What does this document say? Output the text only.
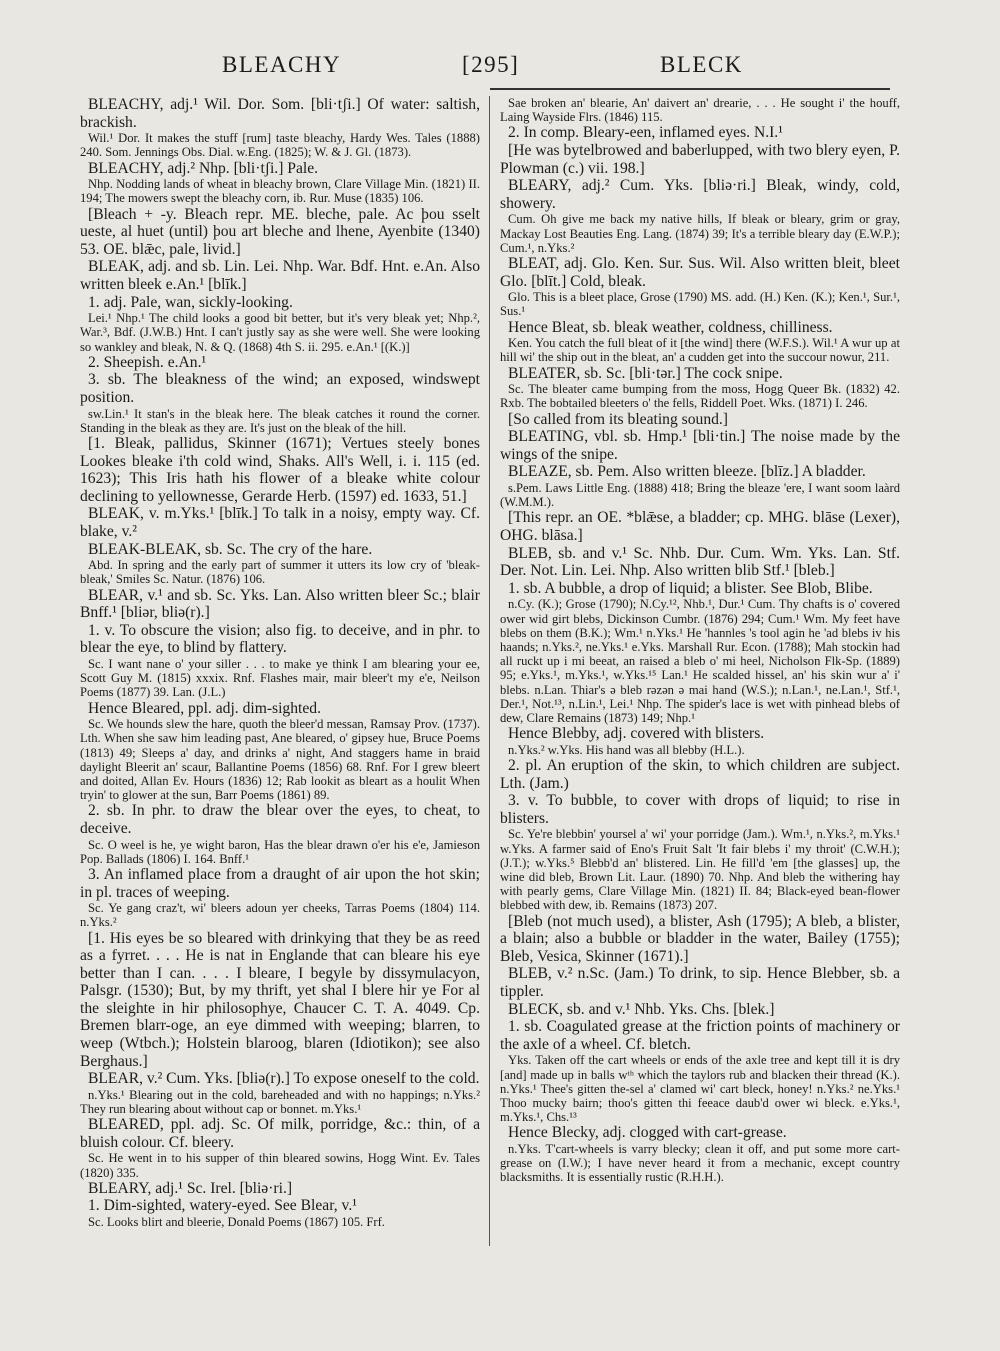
BLEACHY	[295]	BLECK

BLEACHY, adj.¹ Wil. Dor. Som. [bli·tʃi.] Of water: saltish, brackish.

Wil.¹ Dor. It makes the stuff [rum] taste bleachy, Hardy Wes. Tales (1888) 240. Som. Jennings Obs. Dial. w.Eng. (1825); W. & J. Gl. (1873).

BLEACHY, adj.² Nhp. [bli·tʃi.] Pale.

Nhp. Nodding lands of wheat in bleachy brown, Clare Village Min. (1821) II. 194; The mowers swept the bleachy corn, ib. Rur. Muse (1835) 106.

[Bleach + -y. Bleach repr. ME. bleche, pale. Ac þou sselt ueste, al huet (until) þou art bleche and lhene, Ayenbite (1340) 53. OE. blǣc, pale, livid.]

BLEAK, adj. and sb. Lin. Lei. Nhp. War. Bdf. Hnt. e.An. Also written bleek e.An.¹ [blīk.]

1. adj. Pale, wan, sickly-looking.

Lei.¹ Nhp.¹ The child looks a good bit better, but it's very bleak yet; Nhp.², War.³, Bdf. (J.W.B.) Hnt. I can't justly say as she were well. She were looking so wankley and bleak, N. & Q. (1868) 4th S. ii. 295. e.An.¹ [(K.)]

2. Sheepish. e.An.¹

3. sb. The bleakness of the wind; an exposed, windswept position.

sw.Lin.¹ It stan's in the bleak here. The bleak catches it round the corner. Standing in the bleak as they are. It's just on the bleak of the hill.

[1. Bleak, pallidus, Skinner (1671); Vertues steely bones Lookes bleake i'th cold wind, Shaks. All's Well, i. i. 115 (ed. 1623); This Iris hath his flower of a bleake white colour declining to yellownesse, Gerarde Herb. (1597) ed. 1633, 51.]

BLEAK, v. m.Yks.¹ [blīk.] To talk in a noisy, empty way. Cf. blake, v.²

BLEAK-BLEAK, sb. Sc. The cry of the hare.

Abd. In spring and the early part of summer it utters its low cry of 'bleak-bleak,' Smiles Sc. Natur. (1876) 106.

BLEAR, v.¹ and sb. Sc. Yks. Lan. Also written bleer Sc.; blair Bnff.¹ [bliər, bliə(r).]

1. v. To obscure the vision; also fig. to deceive, and in phr. to blear the eye, to blind by flattery.

Sc. I want nane o' your siller . . . to make ye think I am blearing your ee, Scott Guy M. (1815) xxxix. Rnf. Flashes mair, mair bleer't my e'e, Neilson Poems (1877) 39. Lan. (J.L.)

Hence Bleared, ppl. adj. dim-sighted.

Sc. We hounds slew the hare, quoth the bleer'd messan, Ramsay Prov. (1737). Lth. When she saw him leading past, Ane bleared, o' gipsey hue, Bruce Poems (1813) 49; Sleeps a' day, and drinks a' night, And staggers hame in braid daylight Bleerit an' scaur, Ballantine Poems (1856) 68. Rnf. For I grew bleert and doited, Allan Ev. Hours (1836) 12; Rab lookit as bleart as a houlit When tryin' to glower at the sun, Barr Poems (1861) 89.

2. sb. In phr. to draw the blear over the eyes, to cheat, to deceive.

Sc. O weel is he, ye wight baron, Has the blear drawn o'er his e'e, Jamieson Pop. Ballads (1806) I. 164. Bnff.¹

3. An inflamed place from a draught of air upon the hot skin; in pl. traces of weeping.

Sc. Ye gang craz't, wi' bleers adoun yer cheeks, Tarras Poems (1804) 114. n.Yks.²

[1. His eyes be so bleared with drinkying that they be as reed as a fyrret. . . . He is nat in Englande that can bleare his eye better than I can. . . . I bleare, I begyle by dissymulacyon, Palsgr. (1530); But, by my thrift, yet shal I blere hir ye For al the sleighte in hir philosophye, Chaucer C. T. A. 4049. Cp. Bremen blarr-oge, an eye dimmed with weeping; blarren, to weep (Wtbch.); Holstein blaroog, blaren (Idiotikon); see also Berghaus.]

BLEAR, v.² Cum. Yks. [bliə(r).] To expose oneself to the cold.

n.Yks.¹ Blearing out in the cold, bareheaded and with no happings; n.Yks.² They run blearing about without cap or bonnet. m.Yks.¹

BLEARED, ppl. adj. Sc. Of milk, porridge, &c.: thin, of a bluish colour. Cf. bleery.

Sc. He went in to his supper of thin bleared sowins, Hogg Wint. Ev. Tales (1820) 335.

BLEARY, adj.¹ Sc. Irel. [bliə·ri.]

1. Dim-sighted, watery-eyed. See Blear, v.¹

Sc. Looks blirt and bleerie, Donald Poems (1867) 105. Frf.

Sae broken an' blearie, An' daivert an' drearie, . . . He sought i' the houff, Laing Wayside Flrs. (1846) 115.

2. In comp. Bleary-een, inflamed eyes. N.I.¹

[He was bytelbrowed and baberlupped, with two blery eyen, P. Plowman (c.) vii. 198.]

BLEARY, adj.² Cum. Yks. [bliə·ri.] Bleak, windy, cold, showery.

Cum. Oh give me back my native hills, If bleak or bleary, grim or gray, Mackay Lost Beauties Eng. Lang. (1874) 39; It's a terrible bleary day (E.W.P.); Cum.¹, n.Yks.²

BLEAT, adj. Glo. Ken. Sur. Sus. Wil. Also written bleit, bleet Glo. [blīt.] Cold, bleak.

Glo. This is a bleet place, Grose (1790) MS. add. (H.) Ken. (K.); Ken.¹, Sur.¹, Sus.¹

Hence Bleat, sb. bleak weather, coldness, chilliness.

Ken. You catch the full bleat of it [the wind] there (W.F.S.). Wil.¹ A wur up at hill wi' the ship out in the bleat, an' a cudden get into the succour nowur, 211.

BLEATER, sb. Sc. [bli·tər.] The cock snipe.

Sc. The bleater came bumping from the moss, Hogg Queer Bk. (1832) 42. Rxb. The bobtailed bleeters o' the fells, Riddell Poet. Wks. (1871) I. 246.

[So called from its bleating sound.]

BLEATING, vbl. sb. Hmp.¹ [bli·tin.] The noise made by the wings of the snipe.

BLEAZE, sb. Pem. Also written bleeze. [blīz.] A bladder.

s.Pem. Laws Little Eng. (1888) 418; Bring the bleaze 'ere, I want soom laàrd (W.M.M.).

[This repr. an OE. *blǣse, a bladder; cp. MHG. blāse (Lexer), OHG. blāsa.]

BLEB, sb. and v.¹ Sc. Nhb. Dur. Cum. Wm. Yks. Lan. Stf. Der. Not. Lin. Lei. Nhp. Also written blib Stf.¹ [bleb.]

1. sb. A bubble, a drop of liquid; a blister. See Blob, Blibe.

n.Cy. (K.); Grose (1790); N.Cy.¹², Nhb.¹, Dur.¹ Cum. Thy chafts is o' covered ower wid girt blebs, Dickinson Cumbr. (1876) 294; Cum.¹ Wm. My feet have blebs on them (B.K.); Wm.¹ n.Yks.¹ He 'hannles 's tool agin he 'ad blebs iv his haands; n.Yks.², ne.Yks.¹ e.Yks. Marshall Rur. Econ. (1788); Mah stockin had all ruckt up i mi beeat, an raised a bleb o' mi heel, Nicholson Flk-Sp. (1889) 95; e.Yks.¹, m.Yks.¹, w.Yks.¹⁵ Lan.¹ He scalded hissel, an' his skin wur a' i' blebs. n.Lan. Thiar's ə bleb rəzən ə mai hand (W.S.); n.Lan.¹, ne.Lan.¹, Stf.¹, Der.¹, Not.¹³, n.Lin.¹, Lei.¹ Nhp. The spider's lace is wet with pinhead blebs of dew, Clare Remains (1873) 149; Nhp.¹

Hence Blebby, adj. covered with blisters.

n.Yks.² w.Yks. His hand was all blebby (H.L.).

2. pl. An eruption of the skin, to which children are subject. Lth. (Jam.)

3. v. To bubble, to cover with drops of liquid; to rise in blisters.

Sc. Ye're blebbin' yoursel a' wi' your porridge (Jam.). Wm.¹, n.Yks.², m.Yks.¹ w.Yks. A farmer said of Eno's Fruit Salt 'It fair blebs i' my throit' (C.W.H.); (J.T.); w.Yks.⁵ Blebb'd an' blistered. Lin. He fill'd 'em [the glasses] up, the wine did bleb, Brown Lit. Laur. (1890) 70. Nhp. And bleb the withering hay with pearly gems, Clare Village Min. (1821) II. 84; Black-eyed bean-flower blebbed with dew, ib. Remains (1873) 207.

[Bleb (not much used), a blister, Ash (1795); A bleb, a blister, a blain; also a bubble or bladder in the water, Bailey (1755); Bleb, Vesica, Skinner (1671).]

BLEB, v.² n.Sc. (Jam.) To drink, to sip. Hence Blebber, sb. a tippler.

BLECK, sb. and v.¹ Nhb. Yks. Chs. [blek.]

1. sb. Coagulated grease at the friction points of machinery or the axle of a wheel. Cf. bletch.

Yks. Taken off the cart wheels or ends of the axle tree and kept till it is dry [and] made up in balls wᵗʰ which the taylors rub and blacken their thread (K.). n.Yks.¹ Thee's gitten the-sel a' clamed wi' cart bleck, honey! n.Yks.² ne.Yks.¹ Thoo mucky bairn; thoo's gitten thi feeace daub'd ower wi bleck. e.Yks.¹, m.Yks.¹, Chs.¹³

Hence Blecky, adj. clogged with cart-grease.

n.Yks. T'cart-wheels is varry blecky; clean it off, and put some more cart-grease on (I.W.); I have never heard it from a mechanic, except country blacksmiths. It is essentially rustic (R.H.H.).
